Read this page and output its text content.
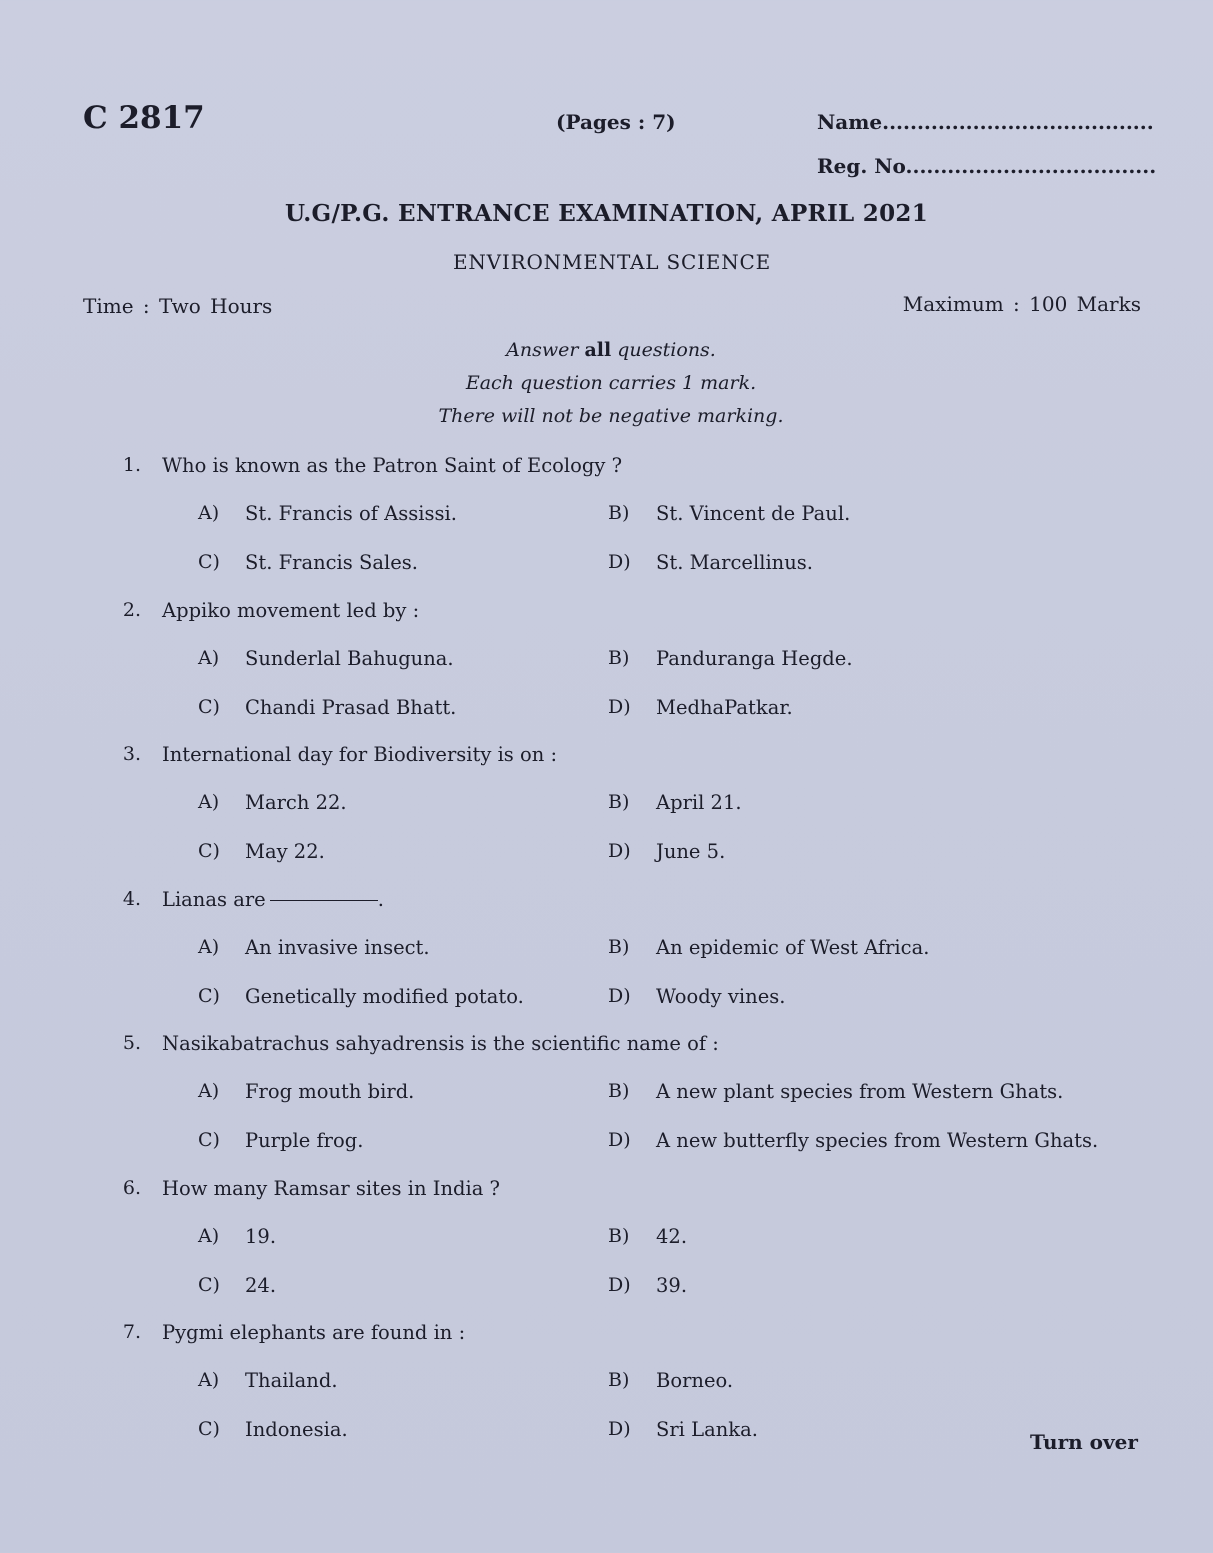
C 2817	(Pages : 7)	Name.......................................
Reg. No....................................
U.G/P.G. ENTRANCE EXAMINATION, APRIL 2021
ENVIRONMENTAL SCIENCE
Time : Two Hours	Maximum : 100 Marks
Answer all questions.
Each question carries 1 mark.
There will not be negative marking.
1. Who is known as the Patron Saint of Ecology ?
A) St. Francis of Assissi.	B) St. Vincent de Paul.
C) St. Francis Sales.	D) St. Marcellinus.
2. Appiko movement led by :
A) Sunderlal Bahuguna.	B) Panduranga Hegde.
C) Chandi Prasad Bhatt.	D) MedhaPatkar.
3. International day for Biodiversity is on :
A) March 22.	B) April 21.
C) May 22.	D) June 5.
4. Lianas are	.
A) An invasive insect.	B) An epidemic of West Africa.
C) Genetically modified potato.	D) Woody vines.
5. Nasikabatrachus sahyadrensis is the scientific name of :
A) Frog mouth bird.	B) A new plant species from Western Ghats.
C) Purple frog.	D) A new butterfly species from Western Ghats.
6. How many Ramsar sites in India ?
A) 19.	B) 42.
C) 24.	D) 39.
7. Pygmi elephants are found in :
A) Thailand.	B) Borneo.
C) Indonesia.	D) Sri Lanka.
Turn over
